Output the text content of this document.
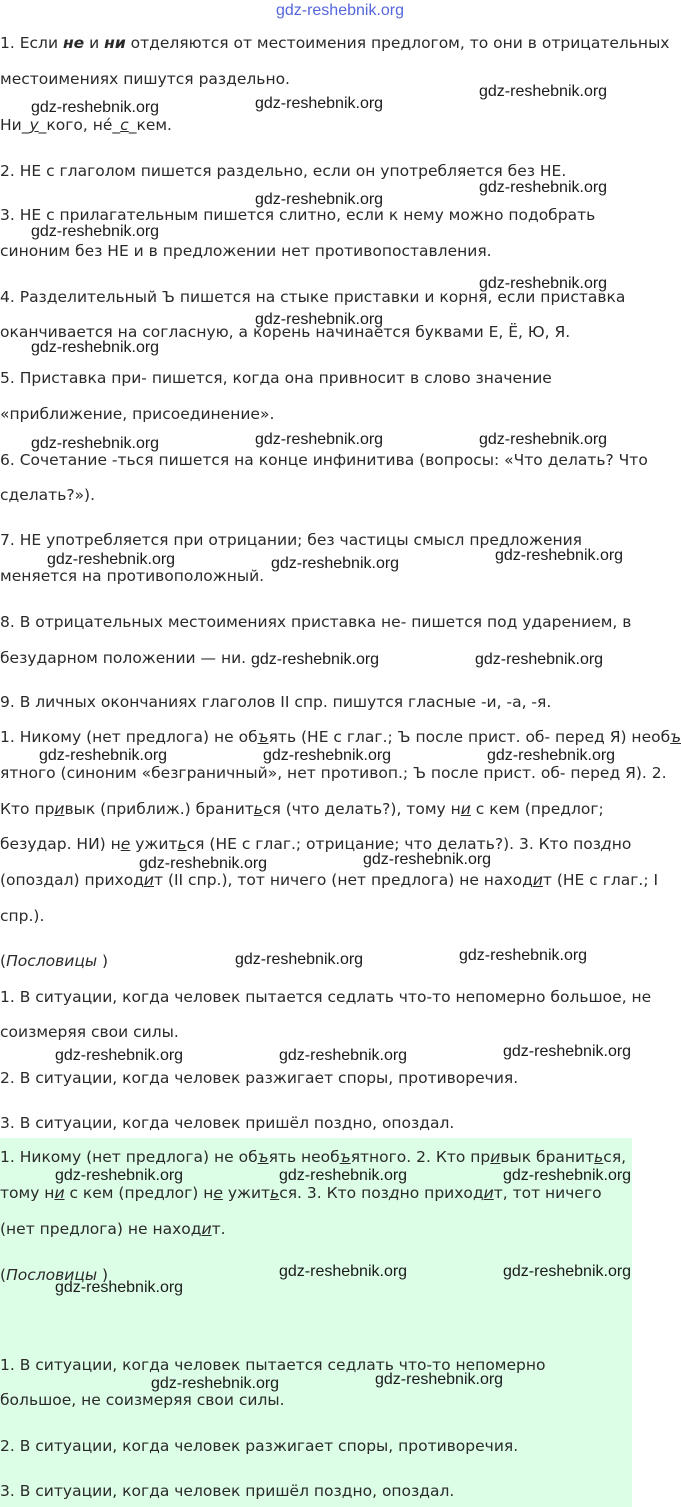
gdz-reshebnik.org
1. Если не и ни отделяются от местоимения предлогом, то они в отрицательных
местоимениях пишутся раздельно.
Ни_у_кого, нé_с_кем.
2. НЕ с глаголом пишется раздельно, если он употребляется без НЕ.
3. НЕ с прилагательным пишется слитно, если к нему можно подобрать
синоним без НЕ и в предложении нет противопоставления.
4. Разделительный Ъ пишется на стыке приставки и корня, если приставка
оканчивается на согласную, а корень начинается буквами Е, Ё, Ю, Я.
5. Приставка при- пишется, когда она привносит в слово значение
«приближение, присоединение».
6. Сочетание -ться пишется на конце инфинитива (вопросы: «Что делать? Что
сделать?»).
7. НЕ употребляется при отрицании; без частицы смысл предложения
меняется на противоположный.
8. В отрицательных местоимениях приставка не- пишется под ударением, в
безударном положении — ни.
9. В личных окончаниях глаголов II спр. пишутся гласные -и, -а, -я.
1. Никому (нет предлога) не объять (НЕ с глаг.; Ъ после прист. об- перед Я) необъ
ятного (синоним «безграничный», нет противоп.; Ъ после прист. об- перед Я). 2.
Кто привык (приближ.) браниться (что делать?), тому ни с кем (предлог;
безудар. НИ) не ужиться (НЕ с глаг.; отрицание; что делать?). 3. Кто поздно
(опоздал) приходит (II спр.), тот ничего (нет предлога) не находит (НЕ с глаг.; I
спр.).
(Пословицы )
1. В ситуации, когда человек пытается седлать что-то непомерно большое, не
соизмеряя свои силы.
2. В ситуации, когда человек разжигает споры, противоречия.
3. В ситуации, когда человек пришёл поздно, опоздал.
1. Никому (нет предлога) не объять необъятного. 2. Кто привык браниться,
тому ни с кем (предлог) не ужиться. 3. Кто поздно приходит, тот ничего
(нет предлога) не находит.
(Пословицы )
1. В ситуации, когда человек пытается седлать что-то непомерно
большое, не соизмеряя свои силы.
2. В ситуации, когда человек разжигает споры, противоречия.
3. В ситуации, когда человек пришёл поздно, опоздал.
gdz-reshebnik.org
gdz-reshebnik.org
gdz-reshebnik.org
gdz-reshebnik.org
gdz-reshebnik.org
gdz-reshebnik.org
gdz-reshebnik.org
gdz-reshebnik.org
gdz-reshebnik.org
gdz-reshebnik.org
gdz-reshebnik.org
gdz-reshebnik.org
gdz-reshebnik.org
gdz-reshebnik.org	gdz-reshebnik.org
gdz-reshebnik.org	gdz-reshebnik.org
gdz-reshebnik.org	gdz-reshebnik.org	gdz-reshebnik.org
gdz-reshebnik.org
gdz-reshebnik.org
gdz-reshebnik.org
gdz-reshebnik.org
gdz-reshebnik.org
gdz-reshebnik.org	gdz-reshebnik.org
gdz-reshebnik.org	gdz-reshebnik.org	gdz-reshebnik.org
gdz-reshebnik.org	gdz-reshebnik.org
gdz-reshebnik.org
gdz-reshebnik.org
gdz-reshebnik.org
